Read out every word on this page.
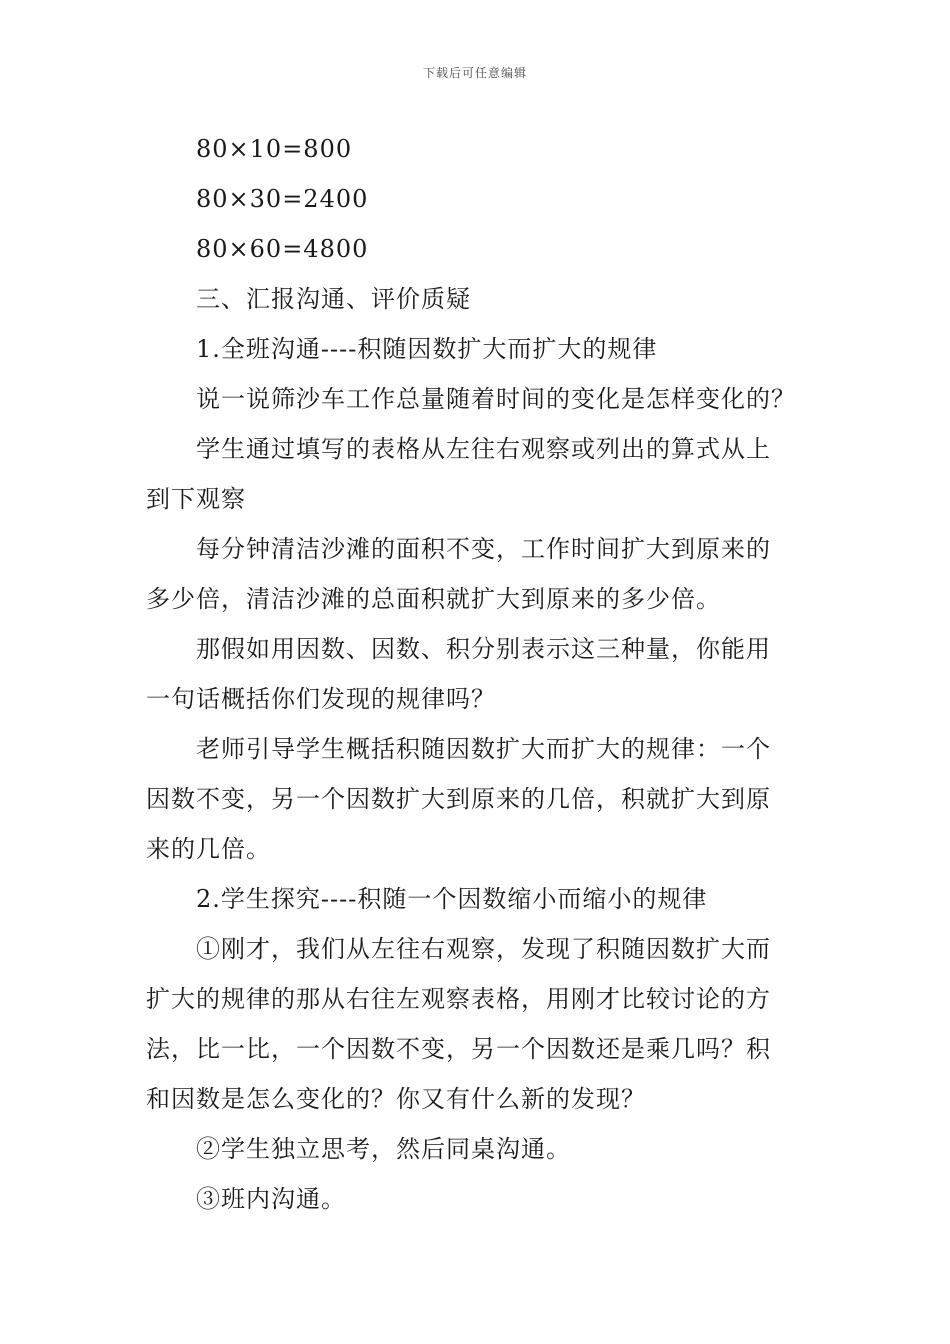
下载后可任意编辑
80×10=800
80×30=2400
80×60=4800
三、汇报沟通、评价质疑
1.全班沟通----积随因数扩大而扩大的规律
说一说筛沙车工作总量随着时间的变化是怎样变化的？
学生通过填写的表格从左往右观察或列出的算式从上
到下观察
每分钟清洁沙滩的面积不变，工作时间扩大到原来的
多少倍，清洁沙滩的总面积就扩大到原来的多少倍。
那假如用因数、因数、积分别表示这三种量，你能用
一句话概括你们发现的规律吗？
老师引导学生概括积随因数扩大而扩大的规律：一个
因数不变，另一个因数扩大到原来的几倍，积就扩大到原
来的几倍。
2.学生探究----积随一个因数缩小而缩小的规律
①刚才，我们从左往右观察，发现了积随因数扩大而
扩大的规律的那从右往左观察表格，用刚才比较讨论的方
法，比一比，一个因数不变，另一个因数还是乘几吗？积
和因数是怎么变化的？你又有什么新的发现？
②学生独立思考，然后同桌沟通。
③班内沟通。
